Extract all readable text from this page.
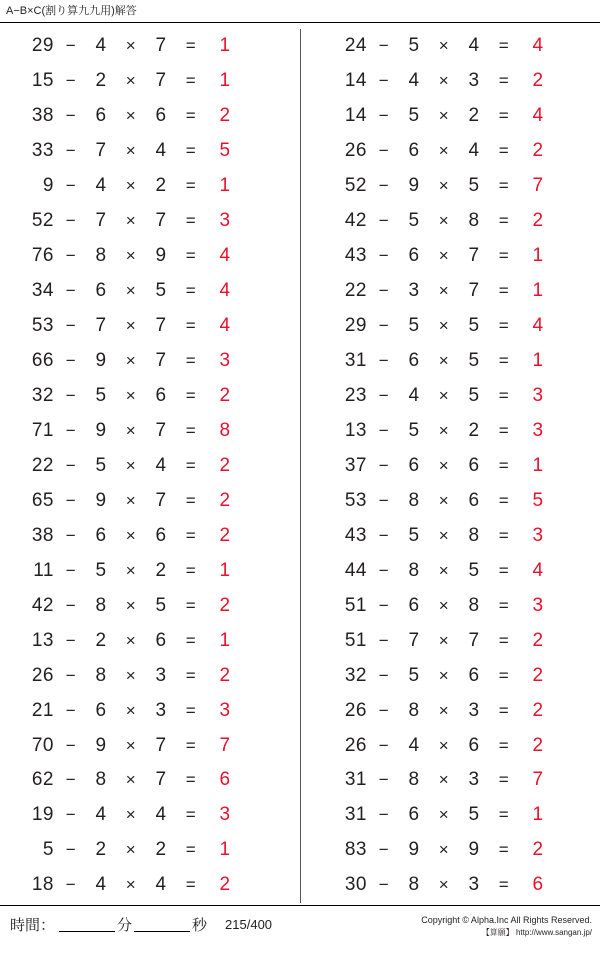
A−B×C(割り算九九用)解答
29 −	4	×	7	=	1
15 −	2	×	7	=	1
38 −	6	×	6	=	2
33 −	7	×	4	=	5
9 −	4	×	2	=	1
52 −	7	×	7	=	3
76 −	8	×	9	=	4
34 −	6	×	5	=	4
53 −	7	×	7	=	4
66 −	9	×	7	=	3
32 −	5	×	6	=	2
71 −	9	×	7	=	8
22 −	5	×	4	=	2
65 −	9	×	7	=	2
38 −	6	×	6	=	2
11 −	5	×	2	=	1
42 −	8	×	5	=	2
13 −	2	×	6	=	1
26 −	8	×	3	=	2
21 −	6	×	3	=	3
70 −	9	×	7	=	7
62 −	8	×	7	=	6
19 −	4	×	4	=	3
5 −	2	×	2	=	1
18 −	4	×	4	=	2
24 −	5	×	4	=	4
14 −	4	×	3	=	2
14 −	5	×	2	=	4
26 −	6	×	4	=	2
52 −	9	×	5	=	7
42 −	5	×	8	=	2
43 −	6	×	7	=	1
22 −	3	×	7	=	1
29 −	5	×	5	=	4
31 −	6	×	5	=	1
23 −	4	×	5	=	3
13 −	5	×	2	=	3
37 −	6	×	6	=	1
53 −	8	×	6	=	5
43 −	5	×	8	=	3
44 −	8	×	5	=	4
51 −	6	×	8	=	3
51 −	7	×	7	=	2
32 −	5	×	6	=	2
26 −	8	×	3	=	2
26 −	4	×	6	=	2
31 −	8	×	3	=	7
31 −	6	×	5	=	1
83 −	9	×	9	=	2
30 −	8	×	3	=	6
時間：	分	秒 215/400	Copyright © Alpha.Inc All Rights Reserved.
【算願】 http://www.sangan.jp/
